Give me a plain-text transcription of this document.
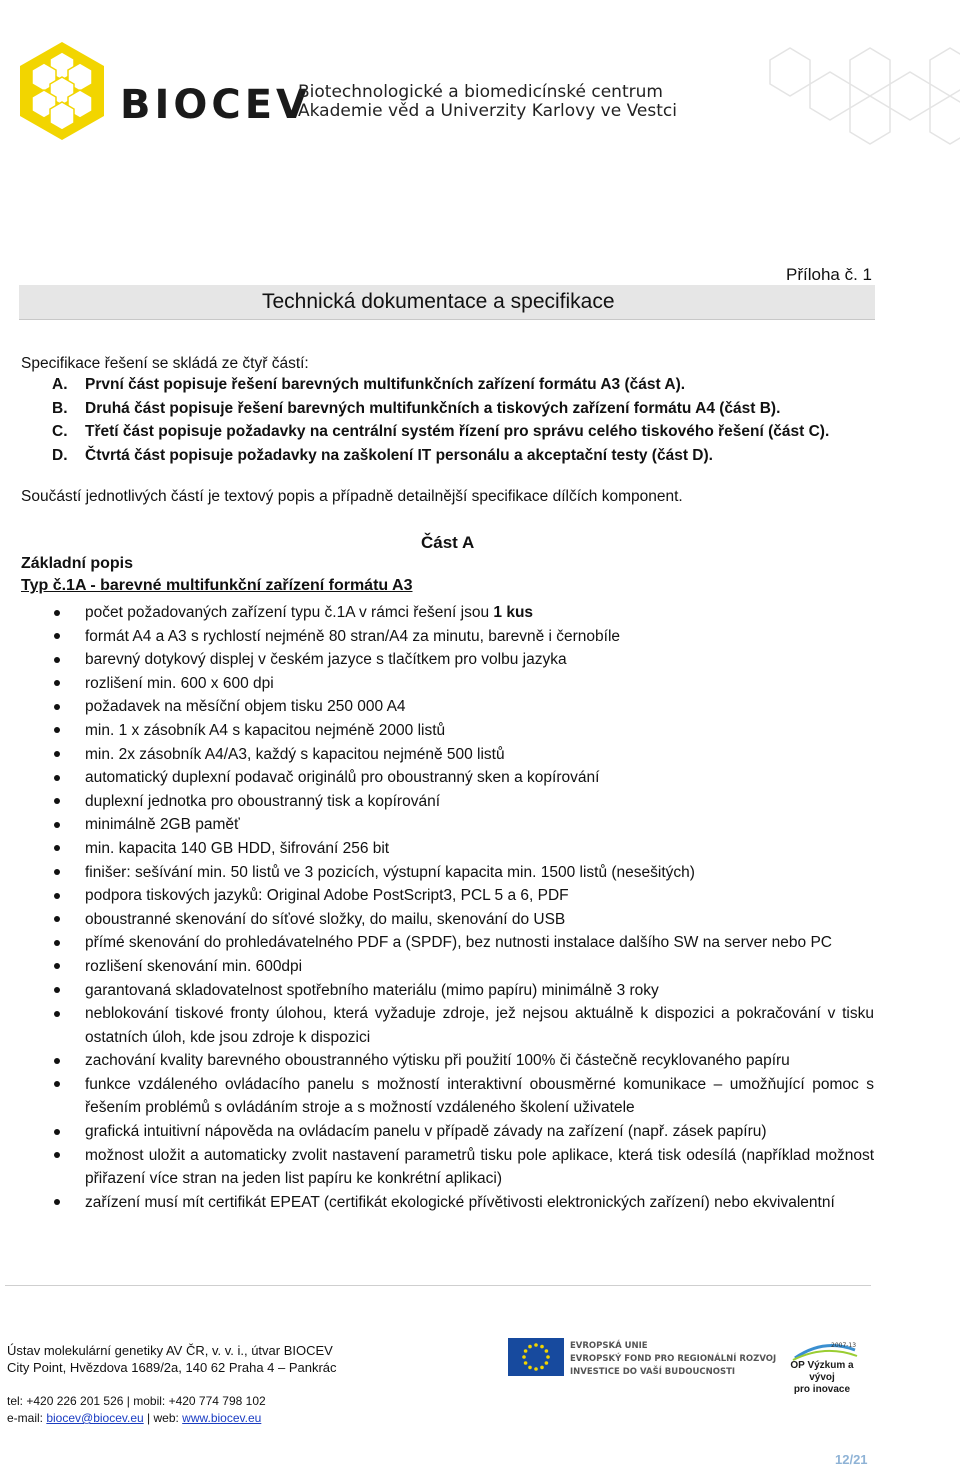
BIOCEV
Biotechnologické a biomedicínské centrum
Akademie věd a Univerzity Karlovy ve Vestci
Příloha č. 1
Technická dokumentace a specifikace
Specifikace řešení se skládá ze čtyř částí:
A. První část popisuje řešení barevných multifunkčních zařízení formátu A3 (část A).
B. Druhá část popisuje řešení barevných multifunkčních a tiskových zařízení formátu A4 (část B).
C. Třetí část popisuje požadavky na centrální systém řízení pro správu celého tiskového řešení (část C).
D. Čtvrtá část popisuje požadavky na zaškolení IT personálu a akceptační testy (část D).
Součástí jednotlivých částí je textový popis a případně detailnější specifikace dílčích komponent.
Část A
Základní popis
Typ č.1A - barevné multifunkční zařízení formátu A3
počet požadovaných zařízení typu č.1A v rámci řešení jsou 1 kus
formát A4 a A3 s rychlostí nejméně 80 stran/A4 za minutu, barevně i černobíle
barevný dotykový displej v českém jazyce s tlačítkem pro volbu jazyka
rozlišení min. 600 x 600 dpi
požadavek na měsíční objem tisku 250 000 A4
min. 1 x zásobník A4 s kapacitou nejméně 2000 listů
min. 2x zásobník A4/A3, každý s kapacitou nejméně 500 listů
automatický duplexní podavač originálů pro oboustranný sken a kopírování
duplexní jednotka pro oboustranný tisk a kopírování
minimálně 2GB paměť
min. kapacita 140 GB HDD, šifrování 256 bit
finišer: sešívání min. 50 listů ve 3 pozicích, výstupní kapacita min. 1500 listů (nesešitých)
podpora tiskových jazyků: Original Adobe PostScript3, PCL 5 a 6, PDF
oboustranné skenování do síťové složky, do mailu, skenování do USB
přímé skenování do prohledávatelného PDF a (SPDF), bez nutnosti instalace dalšího SW na server nebo PC
rozlišení skenování min. 600dpi
garantovaná skladovatelnost spotřebního materiálu (mimo papíru) minimálně 3 roky
neblokování tiskové fronty úlohou, která vyžaduje zdroje, jež nejsou aktuálně k dispozici a pokračování v tisku ostatních úloh, kde jsou zdroje k dispozici
zachování kvality barevného oboustranného výtisku při použití 100% či částečně recyklovaného papíru
funkce vzdáleného ovládacího panelu s možností interaktivní obousměrné komunikace – umožňující pomoc s řešením problémů s ovládáním stroje a s možností vzdáleného školení uživatele
grafická intuitivní nápověda na ovládacím panelu v případě závady na zařízení (např. zásek papíru)
možnost uložit a automaticky zvolit nastavení parametrů tisku pole aplikace, která tisk odesílá (například možnost přiřazení více stran na jeden list papíru ke konkrétní aplikaci)
zařízení musí mít certifikát EPEAT (certifikát ekologické přívětivosti elektronických zařízení) nebo ekvivalentní
Ústav molekulární genetiky AV ČR, v. v. i., útvar BIOCEV
City Point, Hvězdova 1689/2a, 140 62 Praha 4 – Pankrác
tel: +420 226 201 526 | mobil: +420 774 798 102
e-mail: biocev@biocev.eu | web: www.biocev.eu
EVROPSKÁ UNIE
EVROPSKÝ FOND PRO REGIONÁLNÍ ROZVOJ
INVESTICE DO VAŠÍ BUDOUCNOSTI
2007-13
OP Výzkum a vývoj
pro inovace
12/21
